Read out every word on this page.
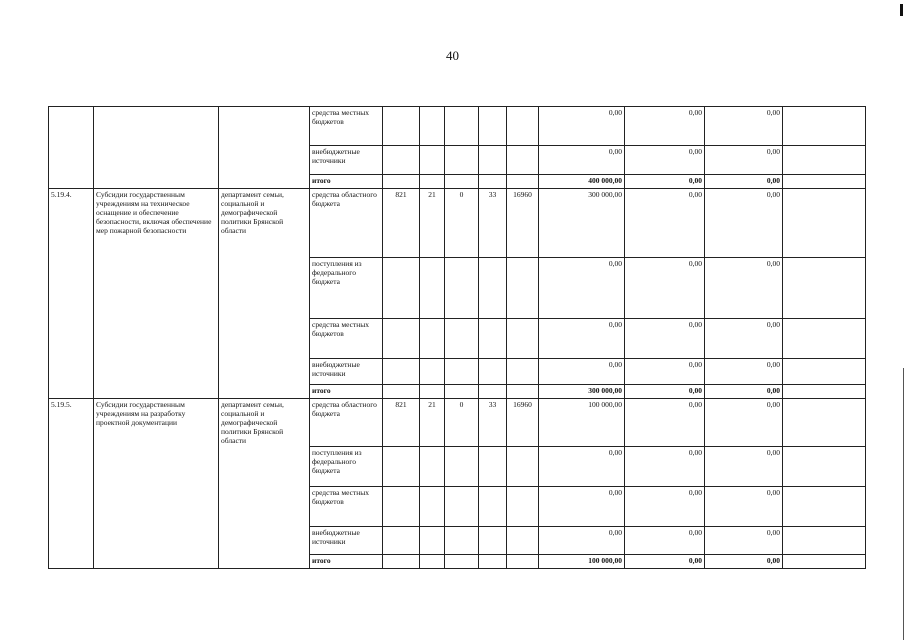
40
			средства местных бюджетов						0,00	0,00	0,00	
			внебюджетные источники						0,00	0,00	0,00	
			итого						400 000,00	0,00	0,00	
5.19.4.	Субсидии государственным учреждениям на техническое оснащение и обеспечение безопасности, включая обеспечение мер пожарной безопасности	департамент семьи, социальной и демографической политики Брянской области	средства областного бюджета	821	21	0	33	16960	300 000,00	0,00	0,00	
			поступления из федерального бюджета						0,00	0,00	0,00	
			средства местных бюджетов						0,00	0,00	0,00	
			внебюджетные источники						0,00	0,00	0,00	
			итого						300 000,00	0,00	0,00	
5.19.5.	Субсидии государственным учреждениям на разработку проектной документации	департамент семьи, социальной и демографической политики Брянской области	средства областного бюджета	821	21	0	33	16960	100 000,00	0,00	0,00	
			поступления из федерального бюджета						0,00	0,00	0,00	
			средства местных бюджетов						0,00	0,00	0,00	
			внебюджетные источники						0,00	0,00	0,00	
			итого						100 000,00	0,00	0,00	
